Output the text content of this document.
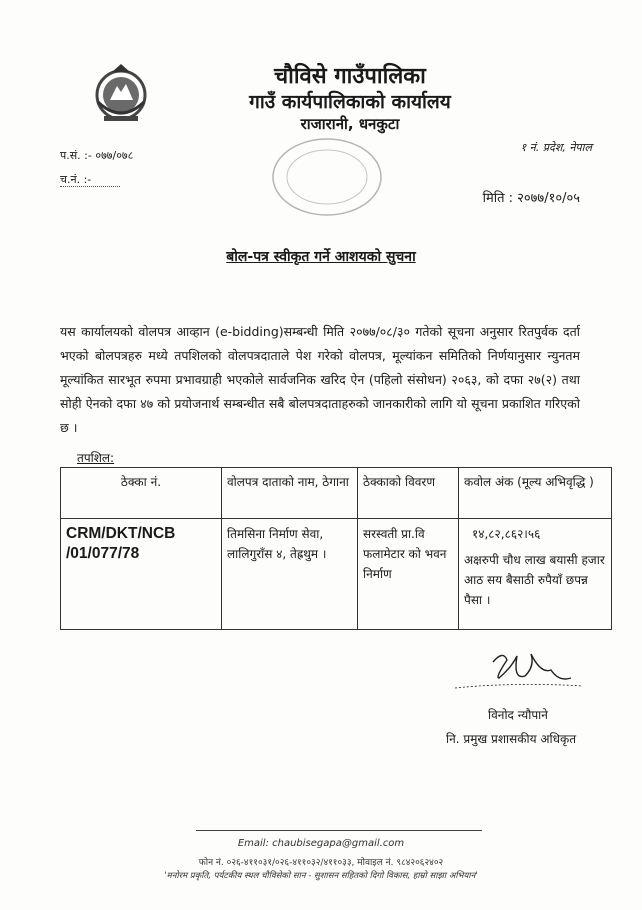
चौविसे गाउँपालिका
गाउँ कार्यपालिकाको कार्यालय
राजारानी, धनकुटा
प.सं. :- ०७७/०७८
च.नं. :-
१ नं. प्रदेश, नेपाल
मिति : २०७७/१०/०५
बोल-पत्र स्वीकृत गर्ने आशयको सुचना
यस कार्यालयको वोलपत्र आव्हान (e-bidding)सम्बन्धी मिति २०७७/०८/३० गतेको सूचना अनुसार रितपुर्वक दर्ता भएको बोलपत्रहरु मध्ये तपशिलको वोलपत्रदाताले पेश गरेको वोलपत्र, मूल्यांकन समितिको निर्णयानुसार न्युनतम मूल्यांकित सारभूत रुपमा प्रभावग्राही भएकोले सार्वजनिक खरिद ऐन (पहिलो संसोधन) २०६३, को दफा २७(२) तथा सोही ऐनको दफा ४७ को प्रयोजनार्थ सम्बन्धीत सबै बोलपत्रदाताहरुको जानकारीको लागि यो सूचना प्रकाशित गरिएको छ ।
तपशिल:
ठेक्का नं.	वोलपत्र दाताको नाम, ठेगाना	ठेक्काको विवरण	कवोल अंक (मूल्य अभिवृद्धि )
CRM/DKT/NCB /01/077/78	तिमसिना निर्माण सेवा, लालिगुराँस ४, तेह्रथुम ।	सरस्वती प्रा.वि फलामेटार को भवन निर्माण	१४,८२,८६२।५६
अक्षरुपी चौध लाख बयासी हजार आठ सय बैसाठी रुपैयाँ छपन्न पैसा ।
विनोद न्यौपाने
नि. प्रमुख प्रशासकीय अधिकृत
Email: chaubisegapa@gmail.com
फोन नं. ०२६-४११०३१/०२६-४११०३२/४११०३३, मोवाइल नं. ९८४२०६२४०२
'मनोरम प्रकृति, पर्यटकीय स्थल चौविसेको सान - सुशासन सहितको दिगो विकास, हाम्रो साझा अभियान'
